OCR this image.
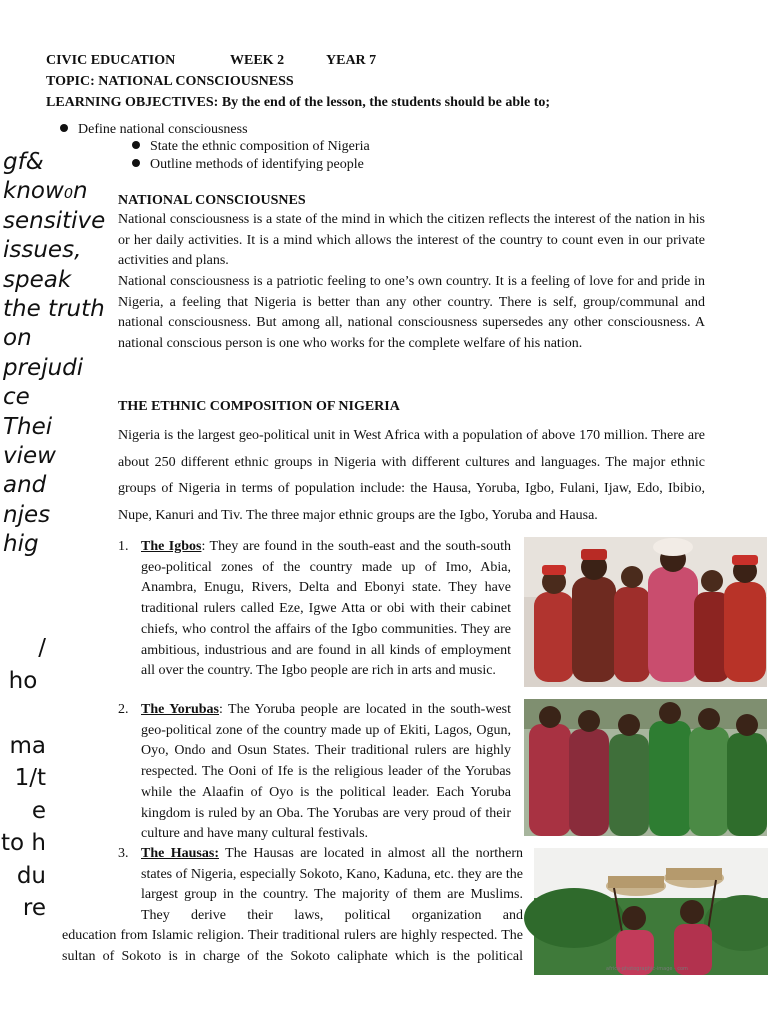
CIVIC EDUCATION	WEEK 2	YEAR 7
TOPIC: NATIONAL CONSCIOUSNESS
LEARNING OBJECTIVES: By the end of the lesson, the students should be able to;
Define national consciousness
State the ethnic composition of Nigeria
Outline methods of identifying people
gf&
know₀n
sensitive
issues,
speak
the truth
on
prejudi
ce
Thei
view
and
njes
hig
/
ho

ma
1/t
e
to h
du
re
NATIONAL CONSCIOUSNES

National consciousness is a state of the mind in which the citizen reflects the interest of the nation in his or her daily activities. It is a mind which allows the interest of the country to count even in our private activities and plans.

National consciousness is a patriotic feeling to one’s own country. It is a feeling of love for and pride in Nigeria, a feeling that Nigeria is better than any other country. There is self, group/communal and national consciousness. But among all, national consciousness supersedes any other consciousness. A national conscious person is one who works for the complete welfare of his nation.

THE ETHNIC COMPOSITION OF NIGERIA

Nigeria is the largest geo-political unit in West Africa with a population of above 170 million. There are about 250 different ethnic groups in Nigeria with different cultures and languages. The major ethnic groups of Nigeria in terms of population include: the Hausa, Yoruba, Igbo, Fulani, Ijaw, Edo, Ibibio, Nupe, Kanuri and Tiv. The three major ethnic groups are the Igbo, Yoruba and Hausa.

1. The Igbos: They are found in the south-east and the south-south geo-political zones of the country made up of Imo, Abia, Anambra, Enugu, Rivers, Delta and Ebonyi state. They have traditional rulers called Eze, Igwe Atta or obi with their cabinet chiefs, who control the affairs of the Igbo communities. They are ambitious, industrious and are found in all kinds of employment all over the country. The Igbo people are rich in arts and music.
2. The Yorubas: The Yoruba people are located in the south-west geo-political zone of the country made up of Ekiti, Lagos, Ogun, Oyo, Ondo and Osun States. Their traditional rulers are highly respected. The Ooni of Ife is the religious leader of the Yorubas while the Alaafin of Oyo is the political leader. Each Yoruba kingdom is ruled by an Oba. The Yorubas are very proud of their culture and have many cultural festivals.
3. The Hausas: The Hausas are located in almost all the northern states of Nigeria, especially Sokoto, Kano, Kaduna, etc. they are the largest group in the country. The majority of them are Muslims. They derive their laws, political organization and
education from Islamic religion. Their traditional rulers are highly respected. The sultan of Sokoto is in charge of the Sokoto caliphate which is the political
africa-photographic-image · com
